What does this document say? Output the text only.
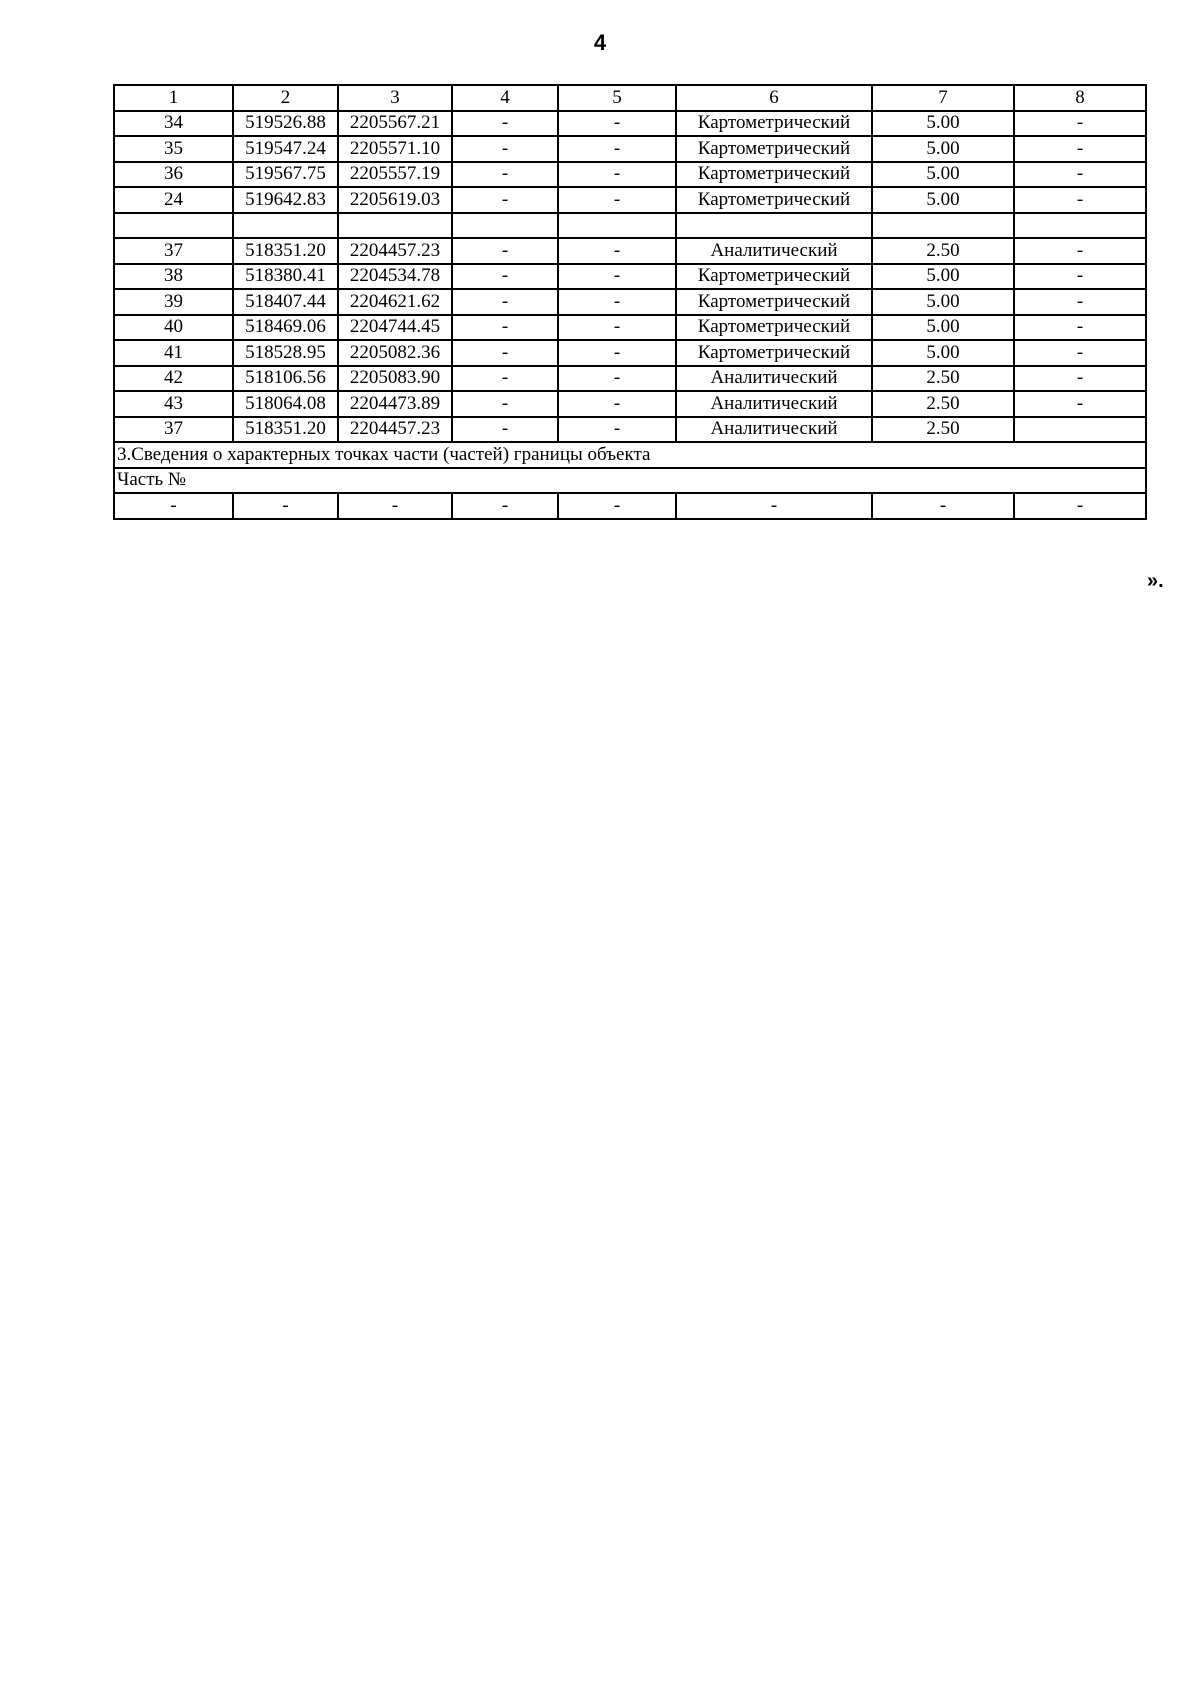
4
1	2	3	4	5	6	7	8
34	519526.88	2205567.21	-	-	Картометрический	5.00	-
35	519547.24	2205571.10	-	-	Картометрический	5.00	-
36	519567.75	2205557.19	-	-	Картометрический	5.00	-
24	519642.83	2205619.03	-	-	Картометрический	5.00	-

37	518351.20	2204457.23	-	-	Аналитический	2.50	-
38	518380.41	2204534.78	-	-	Картометрический	5.00	-
39	518407.44	2204621.62	-	-	Картометрический	5.00	-
40	518469.06	2204744.45	-	-	Картометрический	5.00	-
41	518528.95	2205082.36	-	-	Картометрический	5.00	-
42	518106.56	2205083.90	-	-	Аналитический	2.50	-
43	518064.08	2204473.89	-	-	Аналитический	2.50	-
37	518351.20	2204457.23	-	-	Аналитический	2.50	
3.Сведения о характерных точках части (частей) границы объекта							
Часть №							
-	-	-	-	-	-	-	-
».
